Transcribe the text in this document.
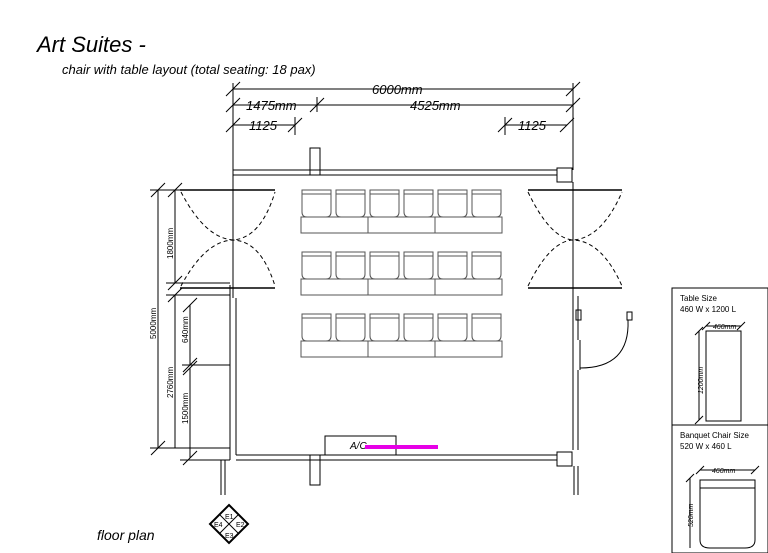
Art Suites -
chair with table layout (total seating: 18 pax)
floor plan
A/C
6000mm
1475mm	4525mm
1125	1125
5000mm
1800mm
2760mm
640mm
1500mm
Table Size
460 W x 1200 L
460mm
1200mm
Banquet Chair Size
520 W x 460 L
460mm
520mm
E1
E2
E3
E4
